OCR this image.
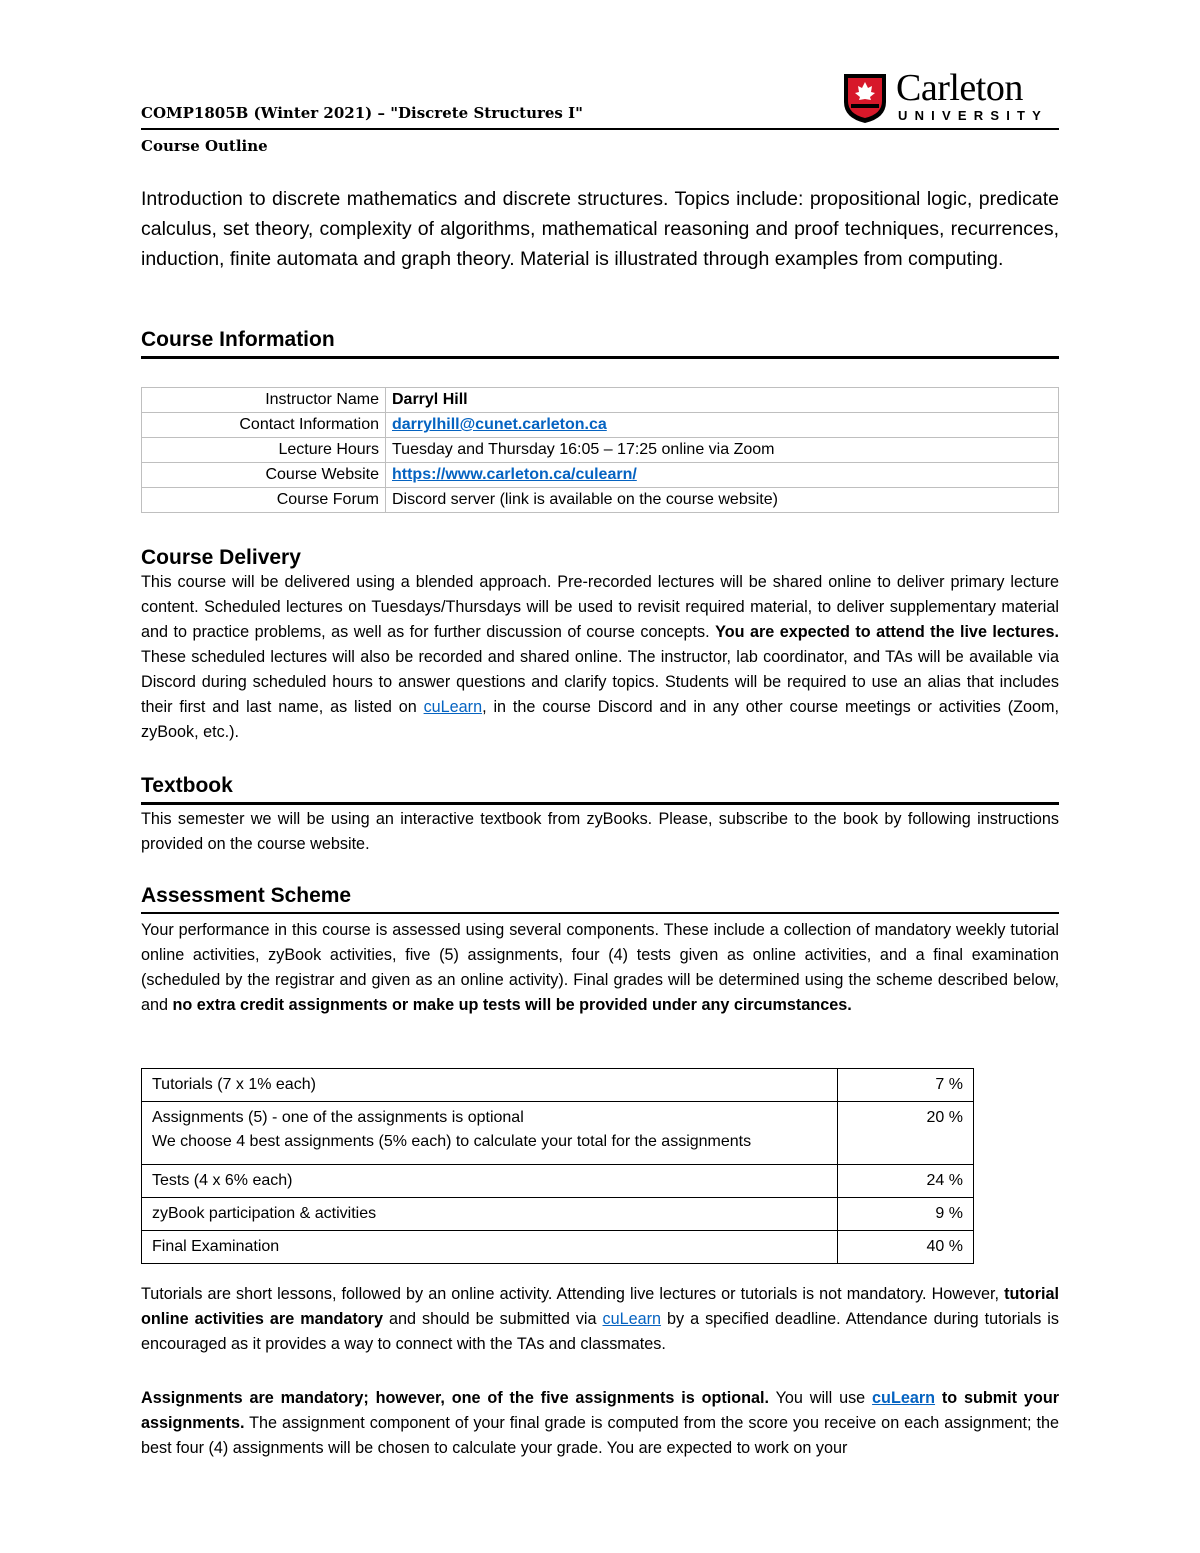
Carleton
UNIVERSITY
COMP1805B (Winter 2021) – "Discrete Structures I"
Course Outline
Introduction to discrete mathematics and discrete structures. Topics include: propositional logic, predicate calculus, set theory, complexity of algorithms, mathematical reasoning and proof techniques, recurrences, induction, finite automata and graph theory. Material is illustrated through examples from computing.
Course Information
Instructor Name	Darryl Hill
Contact Information	darrylhill@cunet.carleton.ca
Lecture Hours	Tuesday and Thursday 16:05 – 17:25 online via Zoom
Course Website	https://www.carleton.ca/culearn/
Course Forum	Discord server (link is available on the course website)
Course Delivery
This course will be delivered using a blended approach. Pre-recorded lectures will be shared online to deliver primary lecture content. Scheduled lectures on Tuesdays/Thursdays will be used to revisit required material, to deliver supplementary material and to practice problems, as well as for further discussion of course concepts. You are expected to attend the live lectures. These scheduled lectures will also be recorded and shared online. The instructor, lab coordinator, and TAs will be available via Discord during scheduled hours to answer questions and clarify topics. Students will be required to use an alias that includes their first and last name, as listed on cuLearn, in the course Discord and in any other course meetings or activities (Zoom, zyBook, etc.).
Textbook
This semester we will be using an interactive textbook from zyBooks. Please, subscribe to the book by following instructions provided on the course website.
Assessment Scheme
Your performance in this course is assessed using several components. These include a collection of mandatory weekly tutorial online activities, zyBook activities, five (5) assignments, four (4) tests given as online activities, and a final examination (scheduled by the registrar and given as an online activity). Final grades will be determined using the scheme described below, and no extra credit assignments or make up tests will be provided under any circumstances.
Tutorials (7 x 1% each)	7 %

Assignments (5) - one of the assignments is optional
We choose 4 best assignments (5% each) to calculate your total for the assignments	20 %
Tests (4 x 6% each)	24 %
zyBook participation & activities	9 %
Final Examination	40 %
Tutorials are short lessons, followed by an online activity. Attending live lectures or tutorials is not mandatory. However, tutorial online activities are mandatory and should be submitted via cuLearn by a specified deadline. Attendance during tutorials is encouraged as it provides a way to connect with the TAs and classmates.
Assignments are mandatory; however, one of the five assignments is optional. You will use cuLearn to submit your assignments. The assignment component of your final grade is computed from the score you receive on each assignment; the best four (4) assignments will be chosen to calculate your grade. You are expected to work on your
